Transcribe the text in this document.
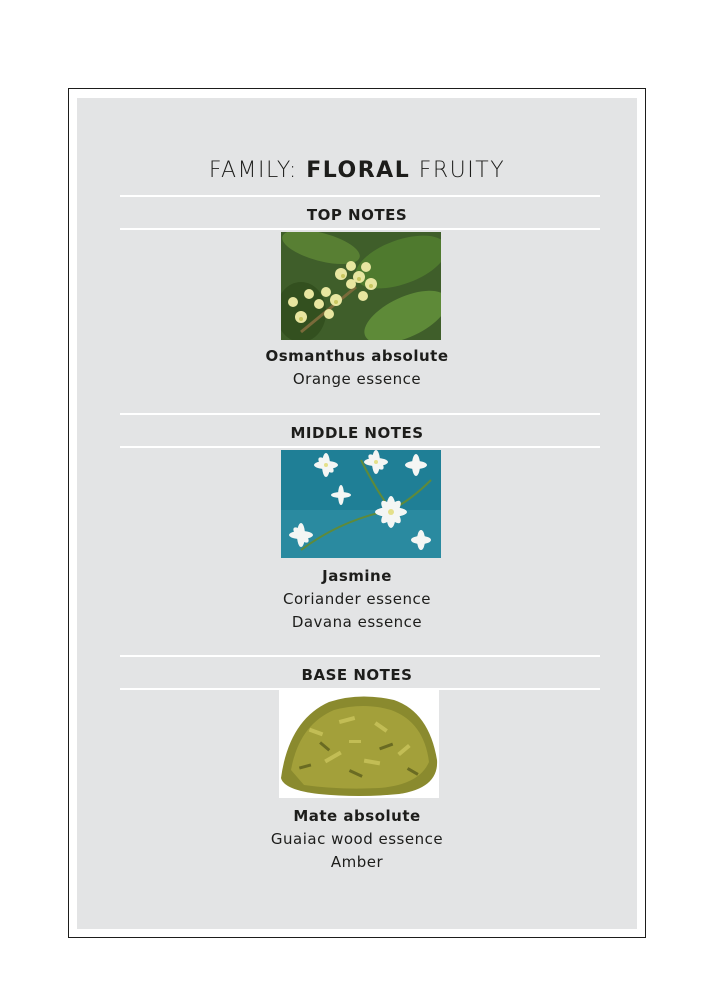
FAMILY: FLORAL FRUITY
TOP NOTES
Osmanthus absolute
Orange essence
MIDDLE NOTES
Jasmine
Coriander essence
Davana essence
BASE NOTES
Mate absolute
Guaiac wood essence
Amber
